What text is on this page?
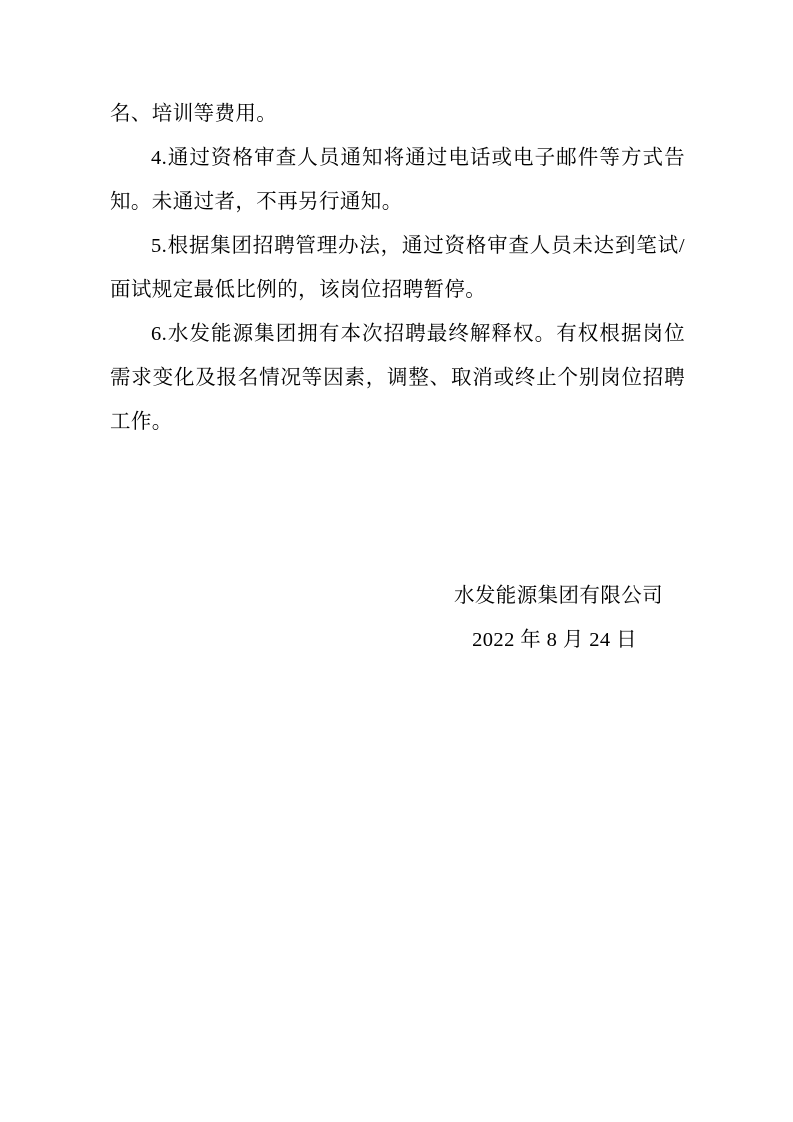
名、培训等费用。

4.通过资格审查人员通知将通过电话或电子邮件等方式告知。未通过者，不再另行通知。

5.根据集团招聘管理办法，通过资格审查人员未达到笔试/面试规定最低比例的，该岗位招聘暂停。

6.水发能源集团拥有本次招聘最终解释权。有权根据岗位需求变化及报名情况等因素，调整、取消或终止个别岗位招聘工作。

水发能源集团有限公司
2022 年 8 月 24 日
